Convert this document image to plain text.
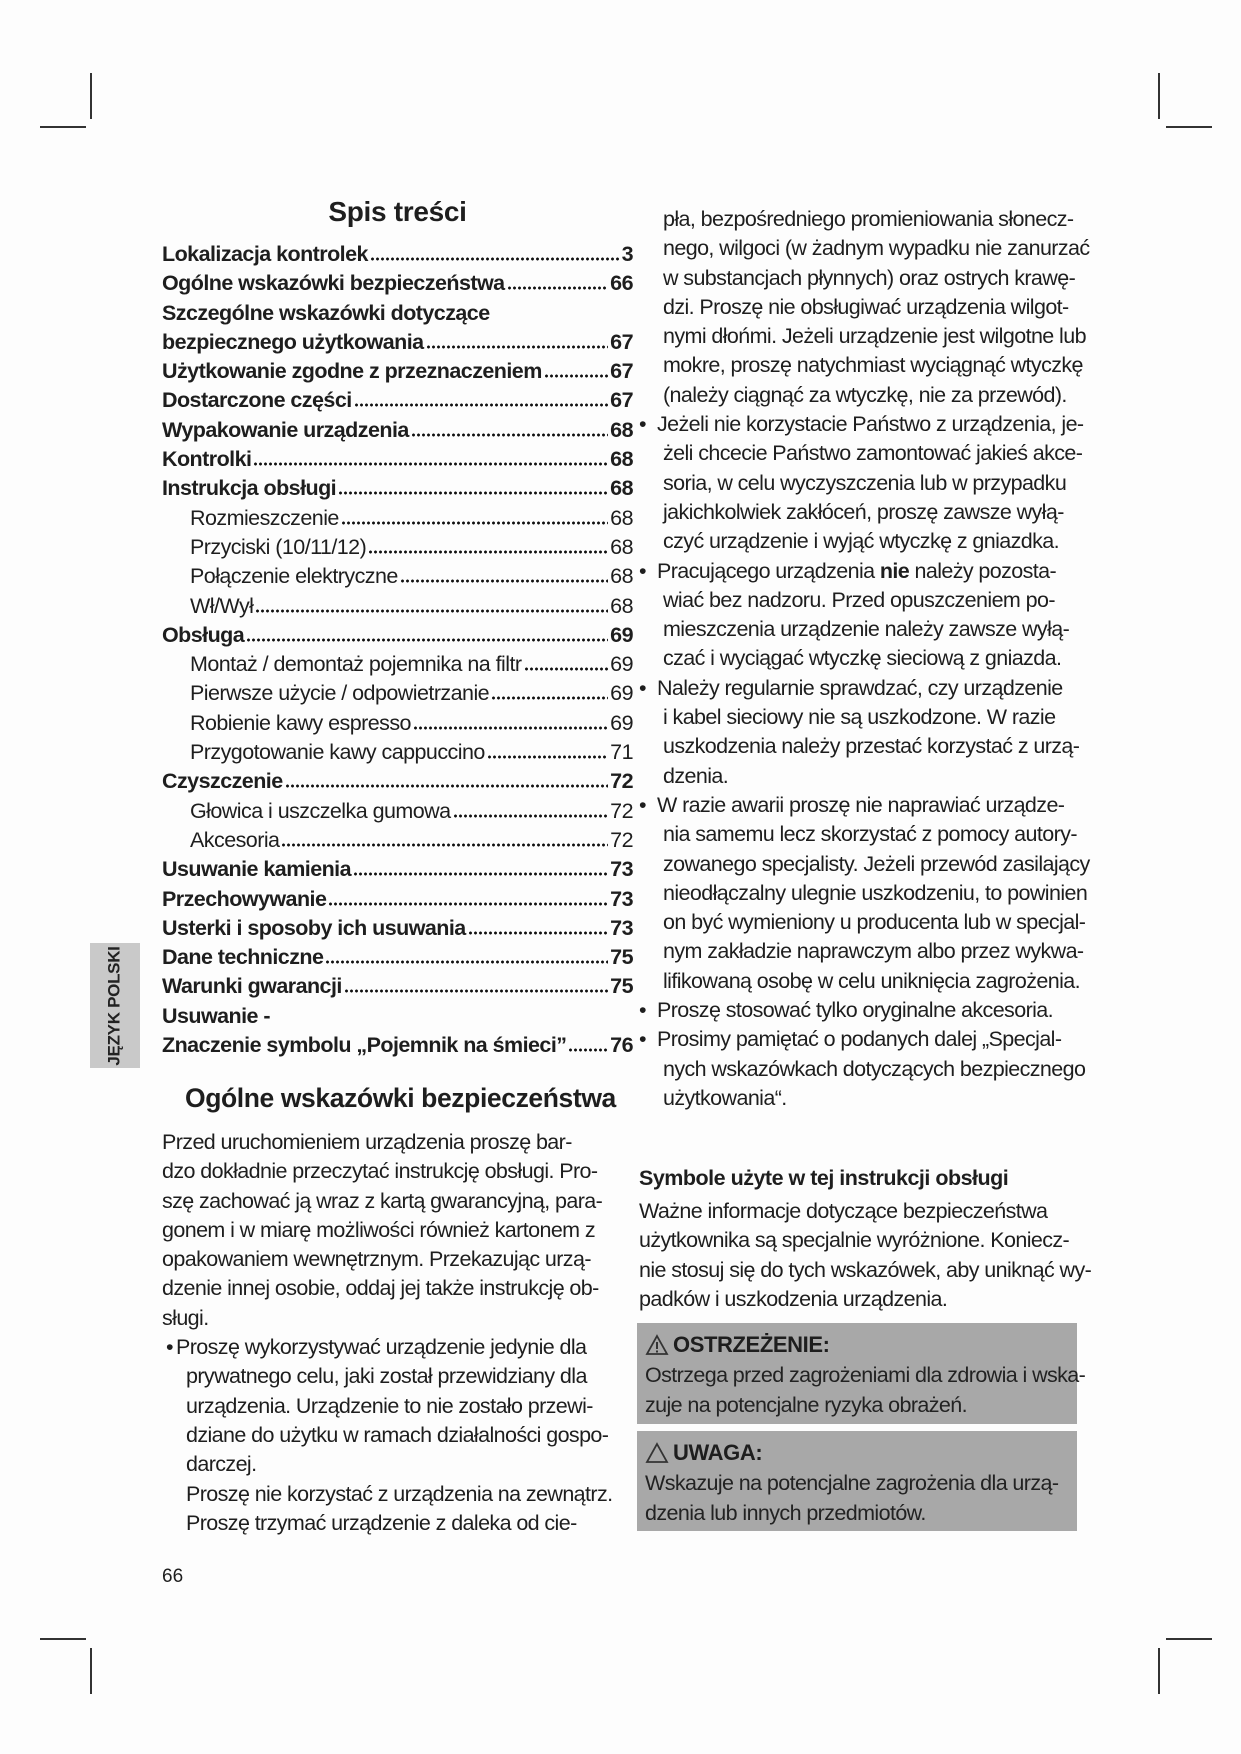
Spis treści
Lokalizacja kontrolek	3
Ogólne wskazówki bezpieczeństwa	66
Szczególne wskazówki dotyczące
bezpiecznego użytkowania	67
Użytkowanie zgodne z przeznaczeniem	67
Dostarczone części	67
Wypakowanie urządzenia	68
Kontrolki	68
Instrukcja obsługi	68
Rozmieszczenie	68
Przyciski (10/11/12)	68
Połączenie elektryczne	68
Wł/Wył	68
Obsługa	69
Montaż / demontaż pojemnika na filtr	69
Pierwsze użycie / odpowietrzanie	69
Robienie kawy espresso	69
Przygotowanie kawy cappuccino	71
Czyszczenie	72
Głowica i uszczelka gumowa	72
Akcesoria	72
Usuwanie kamienia	73
Przechowywanie	73
Usterki i sposoby ich usuwania	73
Dane techniczne	75
Warunki gwarancji	75
Usuwanie -
Znaczenie symbolu „Pojemnik na śmieci” 76
JĘZYK POLSKI
Ogólne wskazówki bezpieczeństwa
Przed uruchomieniem urządzenia proszę bar-
dzo dokładnie przeczytać instrukcję obsługi. Pro-
szę zachować ją wraz z kartą gwarancyjną, para-
gonem i w miarę możliwości również kartonem z
opakowaniem wewnętrznym. Przekazując urzą-
dzenie innej osobie, oddaj jej także instrukcję ob-
sługi.
• Proszę wykorzystywać urządzenie jedynie dla
prywatnego celu, jaki został przewidziany dla
urządzenia. Urządzenie to nie zostało przewi-
dziane do użytku w ramach działalności gospo-
darczej.
Proszę nie korzystać z urządzenia na zewnątrz.
Proszę trzymać urządzenie z daleka od cie-
pła, bezpośredniego promieniowania słonecz-
nego, wilgoci (w żadnym wypadku nie zanurzać
w substancjach płynnych) oraz ostrych krawę-
dzi. Proszę nie obsługiwać urządzenia wilgot-
nymi dłońmi. Jeżeli urządzenie jest wilgotne lub
mokre, proszę natychmiast wyciągnąć wtyczkę
(należy ciągnąć za wtyczkę, nie za przewód).
• Jeżeli nie korzystacie Państwo z urządzenia, je-
żeli chcecie Państwo zamontować jakieś akce-
soria, w celu wyczyszczenia lub w przypadku
jakichkolwiek zakłóceń, proszę zawsze wyłą-
czyć urządzenie i wyjąć wtyczkę z gniazdka.
• Pracującego urządzenia nie należy pozosta-
wiać bez nadzoru. Przed opuszczeniem po-
mieszczenia urządzenie należy zawsze wyłą-
czać i wyciągać wtyczkę sieciową z gniazda.
• Należy regularnie sprawdzać, czy urządzenie
i kabel sieciowy nie są uszkodzone. W razie
uszkodzenia należy przestać korzystać z urzą-
dzenia.
• W razie awarii proszę nie naprawiać urządze-
nia samemu lecz skorzystać z pomocy autory-
zowanego specjalisty. Jeżeli przewód zasilający
nieodłączalny ulegnie uszkodzeniu, to powinien
on być wymieniony u producenta lub w specjal-
nym zakładzie naprawczym albo przez wykwa-
lifikowaną osobę w celu uniknięcia zagrożenia.
• Proszę stosować tylko oryginalne akcesoria.
• Prosimy pamiętać o podanych dalej „Specjal-
nych wskazówkach dotyczących bezpiecznego
użytkowania“.
Symbole użyte w tej instrukcji obsługi
Ważne informacje dotyczące bezpieczeństwa
użytkownika są specjalnie wyróżnione. Koniecz-
nie stosuj się do tych wskazówek, aby uniknąć wy-
padków i uszkodzenia urządzenia.
OSTRZEŻENIE:
Ostrzega przed zagrożeniami dla zdrowia i wska-
zuje na potencjalne ryzyka obrażeń.
UWAGA:
Wskazuje na potencjalne zagrożenia dla urzą-
dzenia lub innych przedmiotów.
66
